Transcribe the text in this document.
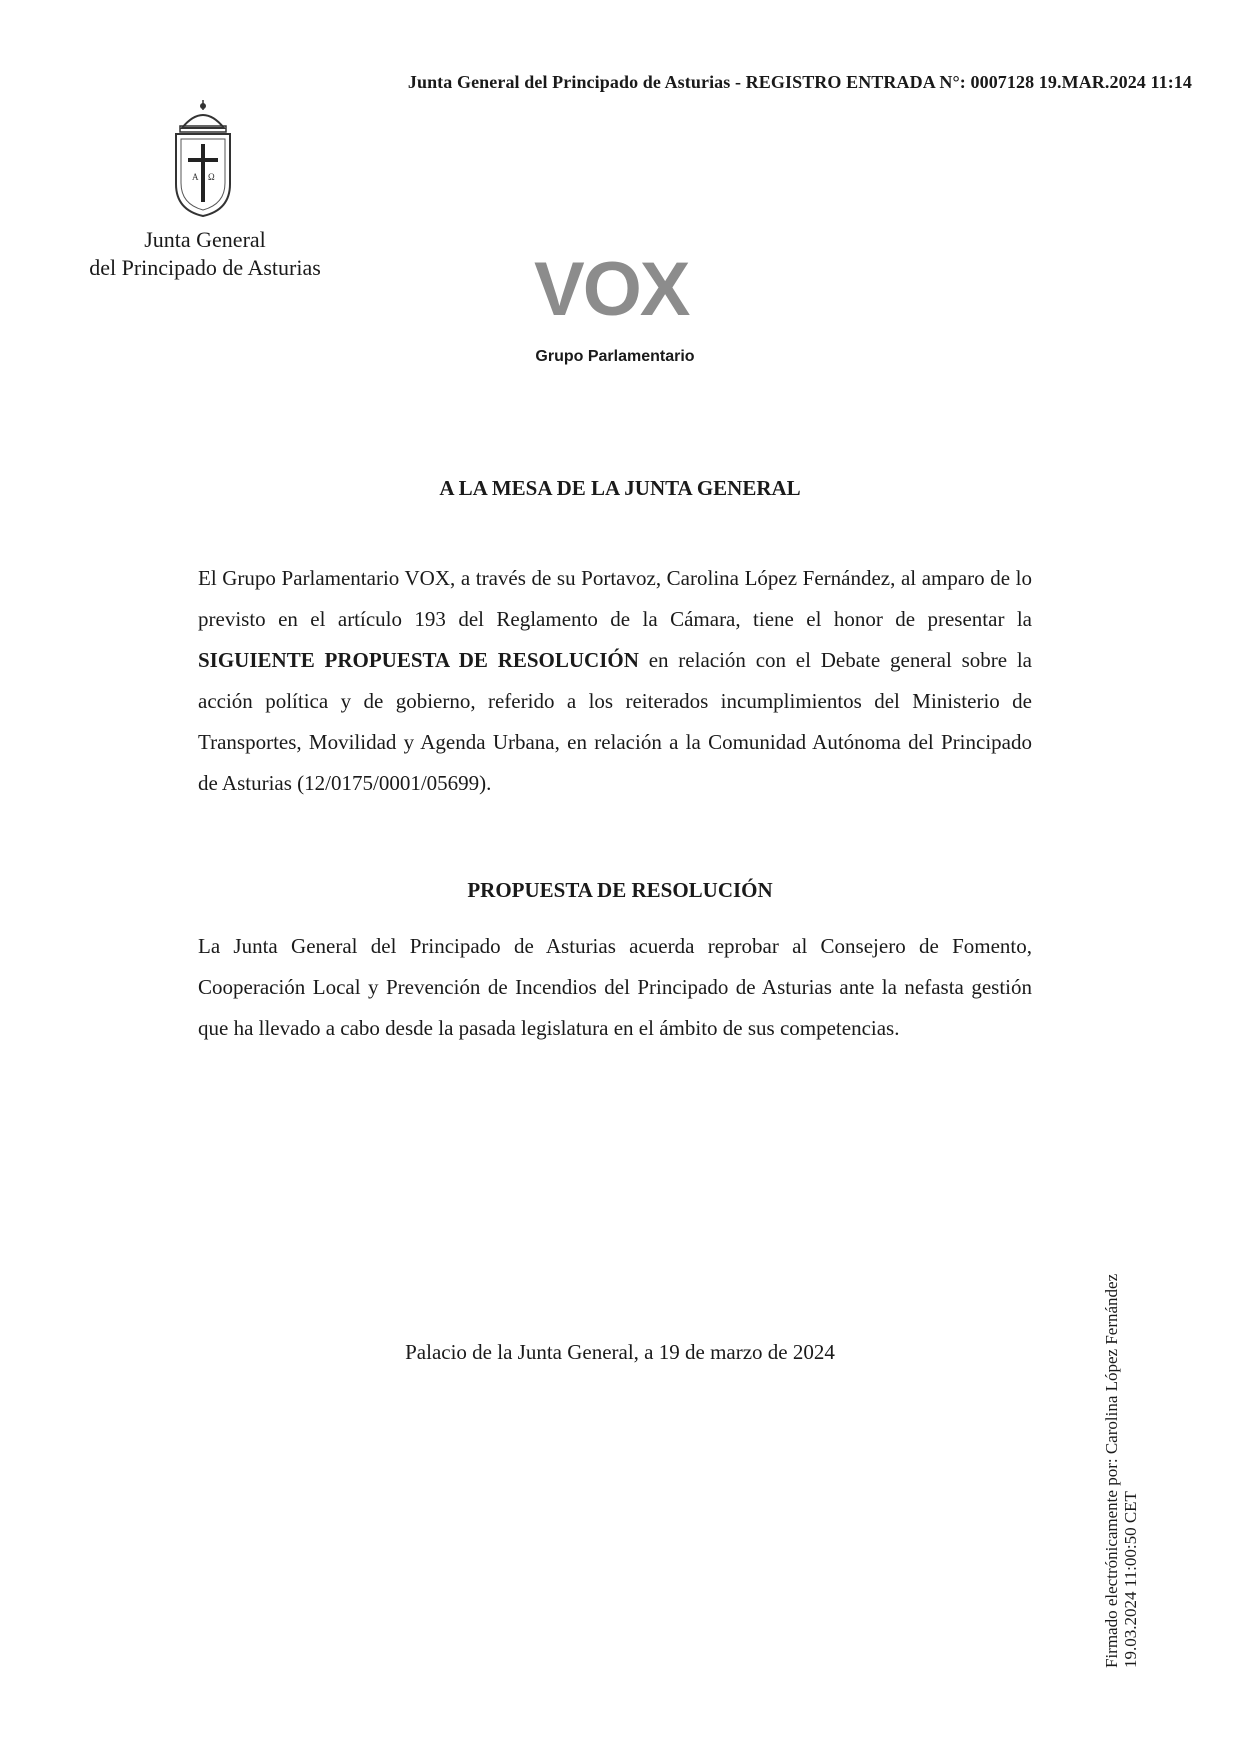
Junta General del Principado de Asturias - REGISTRO ENTRADA N°: 0007128 19.MAR.2024 11:14
A Ω
Junta General
del Principado de Asturias	VOX
Grupo Parlamentario
A LA MESA DE LA JUNTA GENERAL
El Grupo Parlamentario VOX, a través de su Portavoz, Carolina López Fernández, al amparo de lo previsto en el artículo 193 del Reglamento de la Cámara, tiene el honor de presentar la SIGUIENTE PROPUESTA DE RESOLUCIÓN en relación con el Debate general sobre la acción política y de gobierno, referido a los reiterados incumplimientos del Ministerio de Transportes, Movilidad y Agenda Urbana, en relación a la Comunidad Autónoma del Principado de Asturias (12/0175/0001/05699).
PROPUESTA DE RESOLUCIÓN
La Junta General del Principado de Asturias acuerda reprobar al Consejero de Fomento, Cooperación Local y Prevención de Incendios del Principado de Asturias ante la nefasta gestión que ha llevado a cabo desde la pasada legislatura en el ámbito de sus competencias.
Palacio de la Junta General, a 19 de marzo de 2024	Firmado electrónicamente por: Carolina López Fernández 19.03.2024 11:00:50 CET
